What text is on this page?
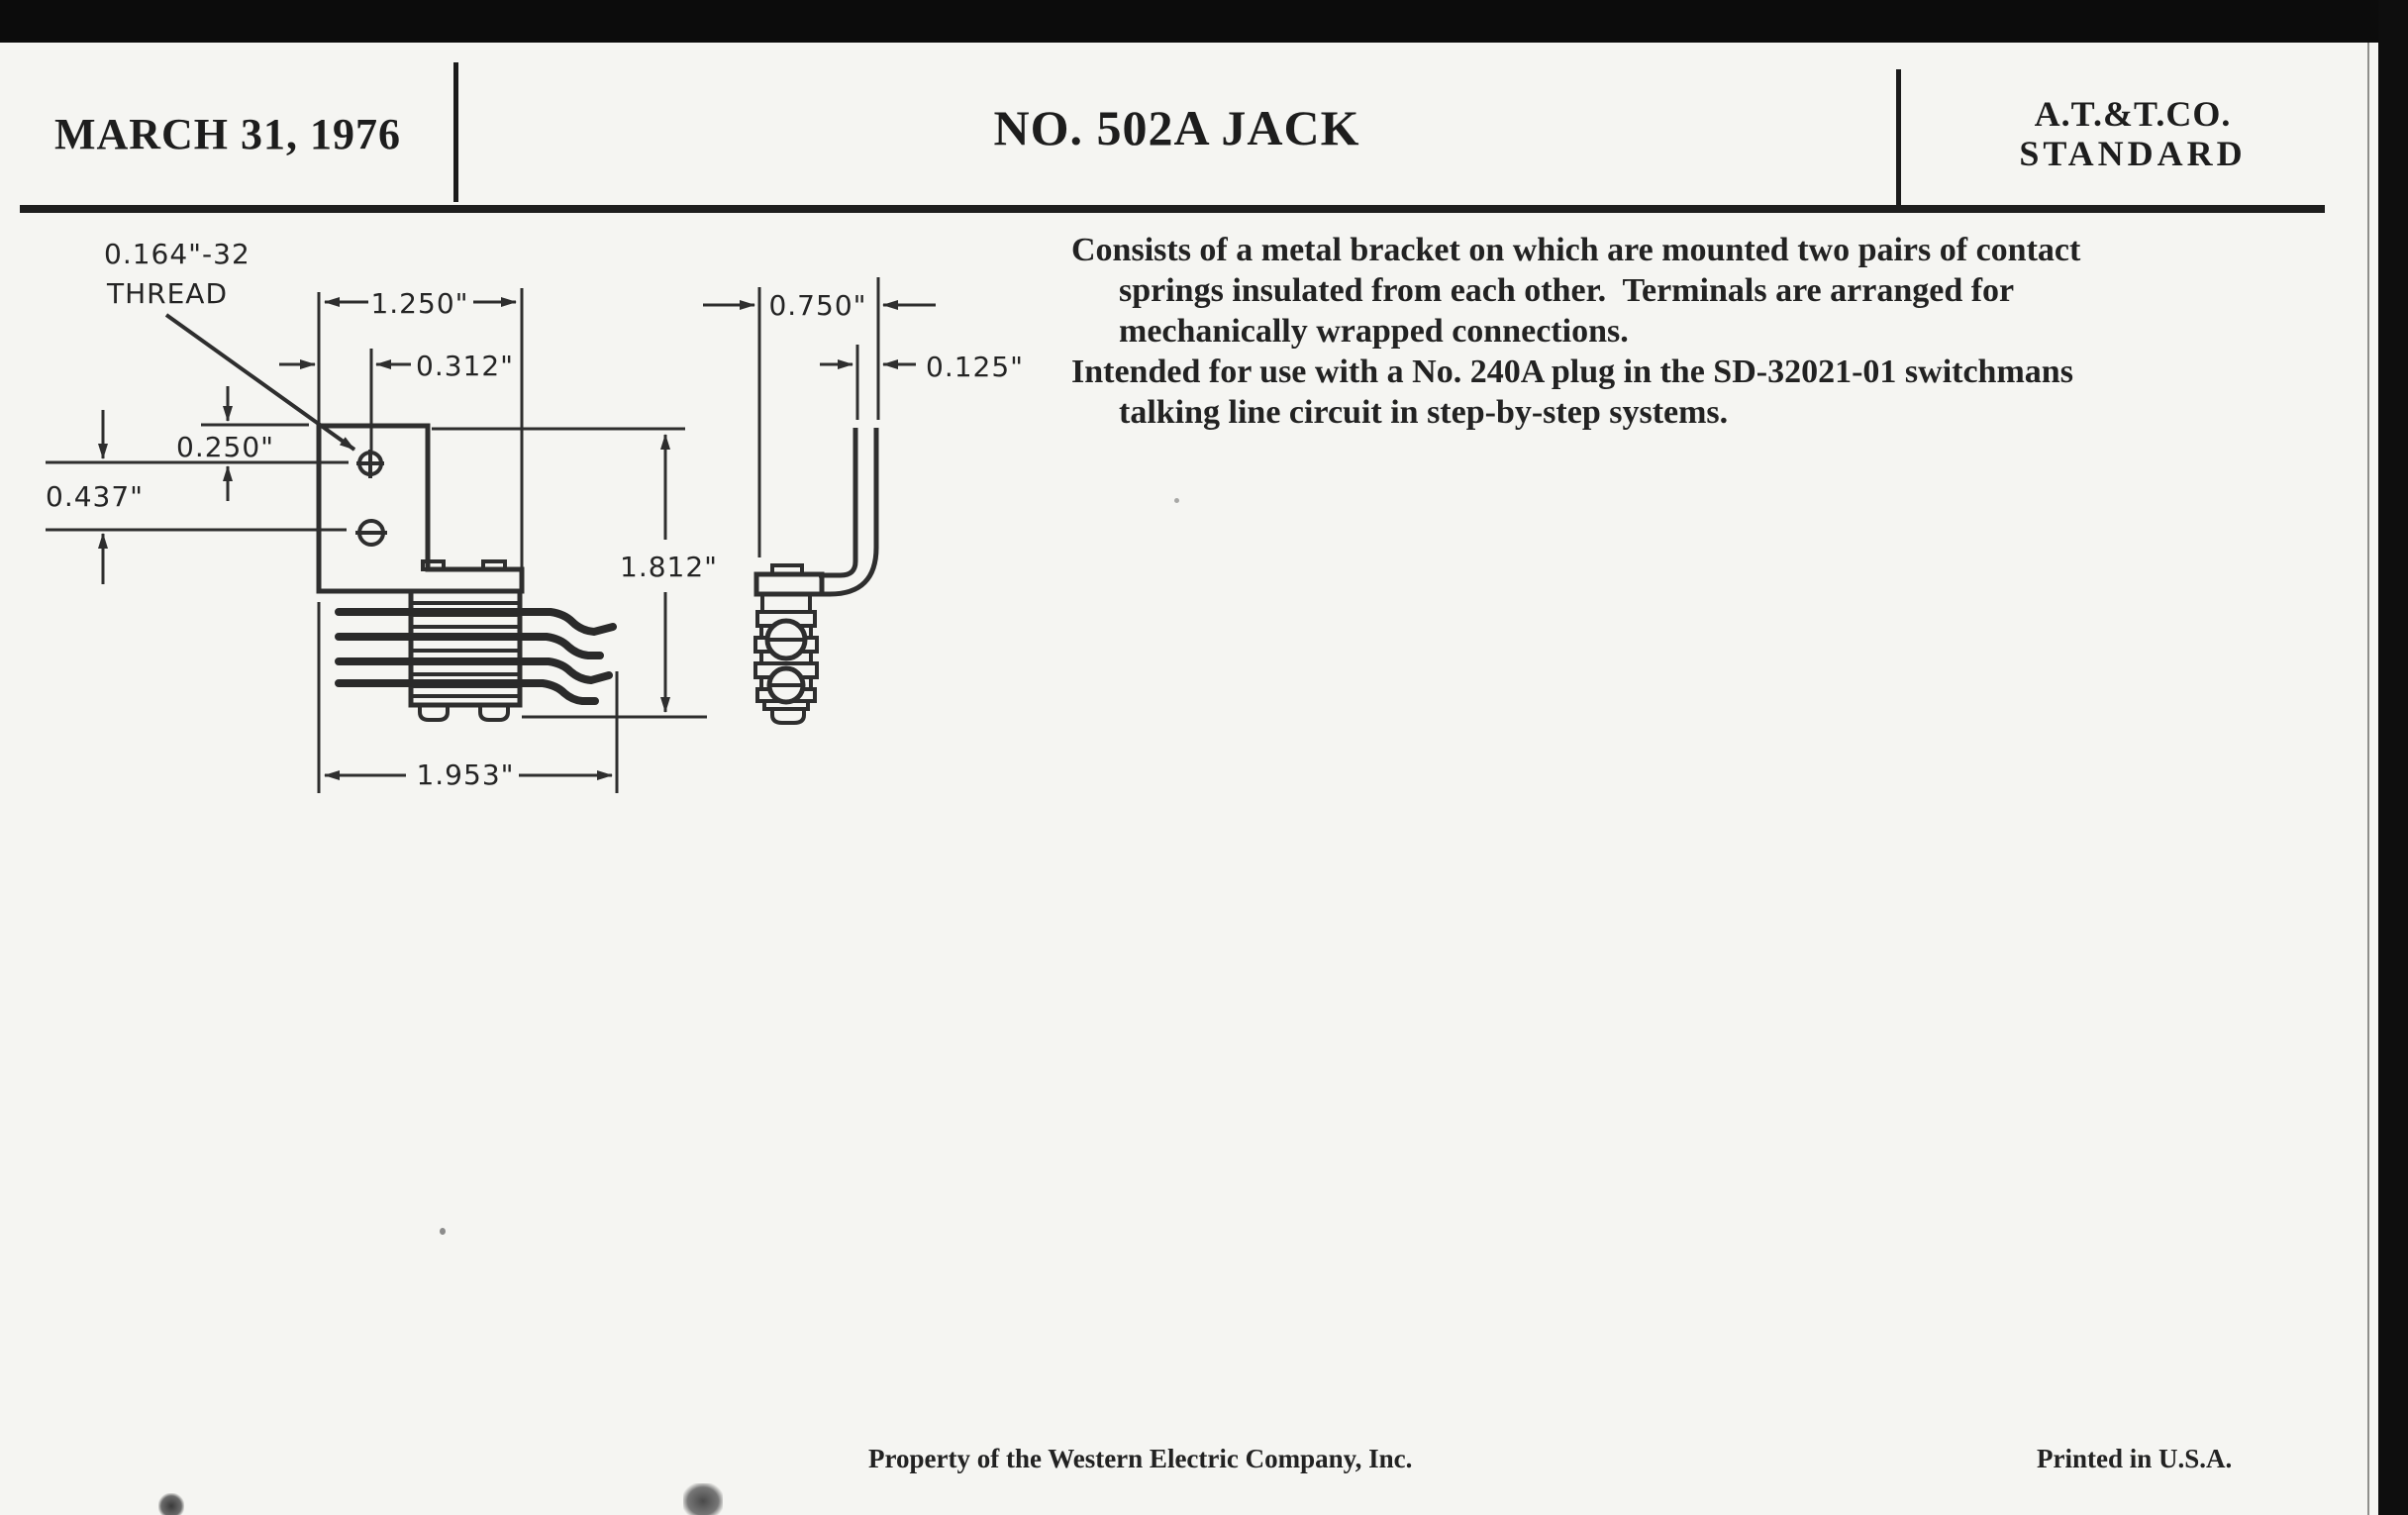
MARCH 31, 1976	NO. 502A JACK	A.T.&T.CO.
STANDARD
Consists of a metal bracket on which are mounted two pairs of contact
springs insulated from each other.  Terminals are arranged for
mechanically wrapped connections.
Intended for use with a No. 240A plug in the SD-32021-01 switchmans
talking line circuit in step-by-step systems.
0.164"-32
THREAD	1.250"
0.312"
0.250"
0.437"
1.812"
1.953"
0.750"
0.125"
Property of the Western Electric Company, Inc.	Printed in U.S.A.
